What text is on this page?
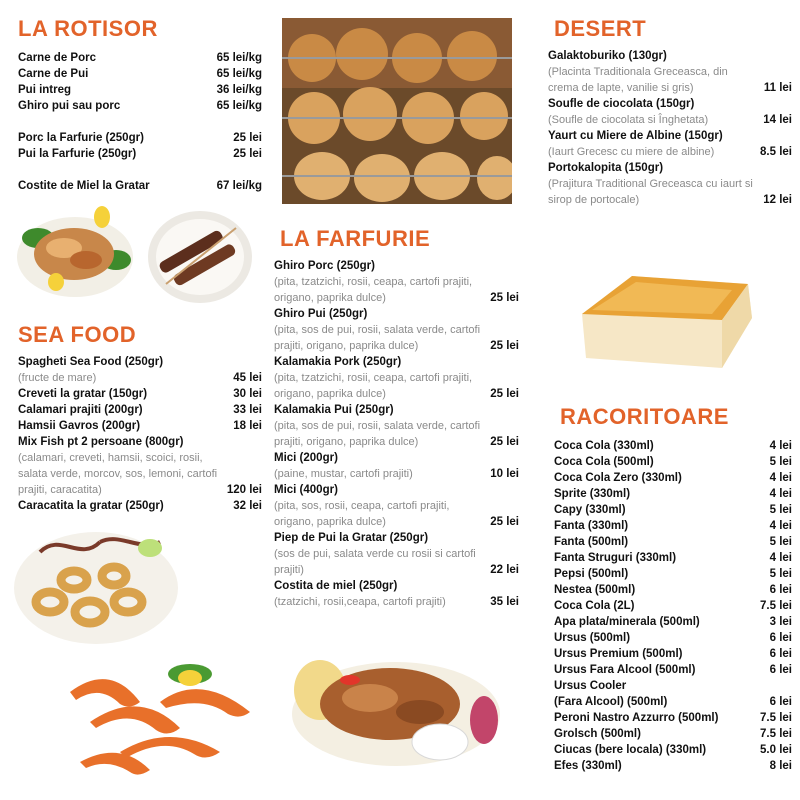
LA ROTISOR
Carne de Porc	65 lei/kg
Carne de Pui	65 lei/kg
Pui intreg	36 lei/kg
Ghiro pui sau porc	65 lei/kg
Porc la Farfurie (250gr)	25 lei
Pui la Farfurie (250gr)	25 lei
Costite de Miel la Gratar	67 lei/kg
SEA FOOD
Spagheti Sea Food (250gr)
(fructe de mare)	45 lei
Creveti la gratar (150gr)	30 lei
Calamari prajiti (200gr)	33 lei
Hamsii Gavros (200gr)	18 lei
Mix Fish pt 2 persoane (800gr)
(calamari, creveti, hamsii, scoici, rosii, salata verde, morcov, sos, lemoni, cartofi prajiti, caracatita)	120 lei
Caracatita la gratar (250gr)	32 lei
LA FARFURIE
Ghiro Porc (250gr)
(pita, tzatzichi, rosii, ceapa, cartofi prajiti, origano, paprika dulce)	25 lei
Ghiro Pui (250gr)
(pita, sos de pui, rosii, salata verde, cartofi prajiti, origano, paprika dulce)	25 lei
Kalamakia Pork (250gr)
(pita, tzatzichi, rosii, ceapa, cartofi prajiti, origano, paprika dulce)	25 lei
Kalamakia Pui (250gr)
(pita, sos de pui, rosii, salata verde, cartofi prajiti, origano, paprika dulce)	25 lei
Mici (200gr)
(paine, mustar, cartofi prajiti)	10 lei
Mici (400gr)
(pita, sos, rosii, ceapa, cartofi prajiti, origano, paprika dulce)	25 lei
Piep de Pui la Gratar (250gr)
(sos de pui, salata verde cu rosii si cartofi prajiti)	22 lei
Costita de miel (250gr)
(tzatzichi, rosii,ceapa, cartofi prajiti)	35 lei
DESERT
Galaktoburiko (130gr)
(Placinta Traditionala Greceasca, din crema de lapte, vanilie si gris)	11 lei
Soufle de ciocolata (150gr)
(Soufle de ciocolata si Înghetata)	14 lei
Yaurt cu Miere de Albine (150gr)
(Iaurt Grecesc cu miere de albine)	8.5 lei
Portokalopita (150gr)
(Prajitura Traditional Greceasca cu iaurt si sirop de portocale)	12 lei
RACORITOARE
Coca Cola (330ml)	4 lei
Coca Cola (500ml)	5 lei
Coca Cola Zero (330ml)	4 lei
Sprite (330ml)	4 lei
Capy (330ml)	5 lei
Fanta (330ml)	4 lei
Fanta (500ml)	5 lei
Fanta Struguri (330ml)	4 lei
Pepsi (500ml)	5 lei
Nestea (500ml)	6 lei
Coca Cola (2L)	7.5 lei
Apa plata/minerala (500ml)	3 lei
Ursus (500ml)	6 lei
Ursus Premium (500ml)	6 lei
Ursus Fara Alcool (500ml)	6 lei
Ursus Cooler
(Fara Alcool) (500ml)	6 lei
Peroni Nastro Azzurro (500ml)	7.5 lei
Grolsch (500ml)	7.5 lei
Ciucas (bere locala) (330ml)	5.0 lei
Efes (330ml)	8 lei
